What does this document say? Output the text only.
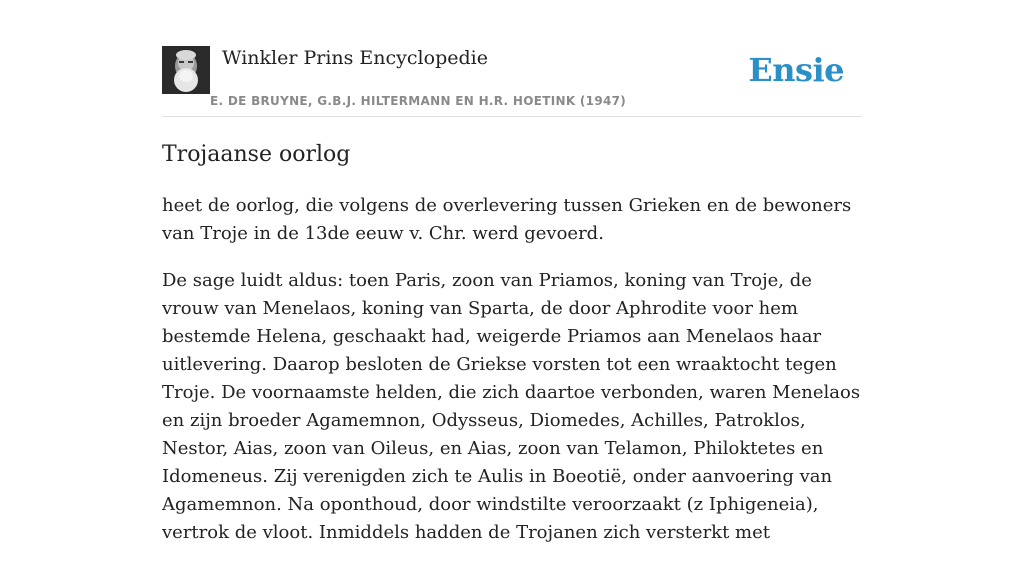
Winkler Prins Encyclopedie
E. DE BRUYNE, G.B.J. HILTERMANN EN H.R. HOETINK (1947)
Ensie
Trojaanse oorlog

heet de oorlog, die volgens de overlevering tussen Grieken en de bewoners van Troje in de 13de eeuw v. Chr. werd gevoerd.

De sage luidt aldus: toen Paris, zoon van Priamos, koning van Troje, de vrouw van Menelaos, koning van Sparta, de door Aphrodite voor hem bestemde Helena, geschaakt had, weigerde Priamos aan Menelaos haar uitlevering. Daarop besloten de Griekse vorsten tot een wraaktocht tegen Troje. De voornaamste helden, die zich daartoe verbonden, waren Menelaos en zijn broeder Agamemnon, Odysseus, Diomedes, Achilles, Patroklos, Nestor, Aias, zoon van Oileus, en Aias, zoon van Telamon, Philoktetes en Idomeneus. Zij verenigden zich te Aulis in Boeotië, onder aanvoering van Agamemnon. Na oponthoud, door windstilte veroorzaakt (z Iphigeneia), vertrok de vloot. Inmiddels hadden de Trojanen zich versterkt met
